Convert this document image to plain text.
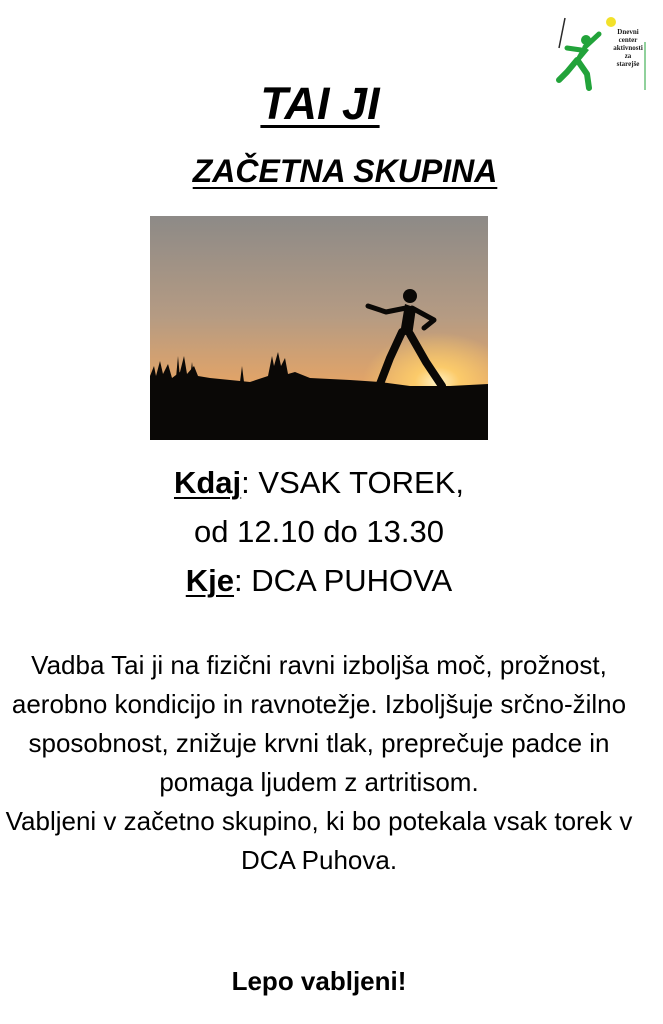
Dnevni
center
aktivnosti
za
starejše
TAI JI
ZAČETNA SKUPINA
Kdaj: VSAK TOREK,
od 12.10 do 13.30
Kje: DCA PUHOVA

Vadba Tai ji na fizični ravni izboljša moč, prožnost, aerobno kondicijo in ravnotežje. Izboljšuje srčno-žilno sposobnost, znižuje krvni tlak, preprečuje padce in pomaga ljudem z artritisom.

Vabljeni v začetno skupino, ki bo potekala vsak torek v DCA Puhova.

Lepo vabljeni!
